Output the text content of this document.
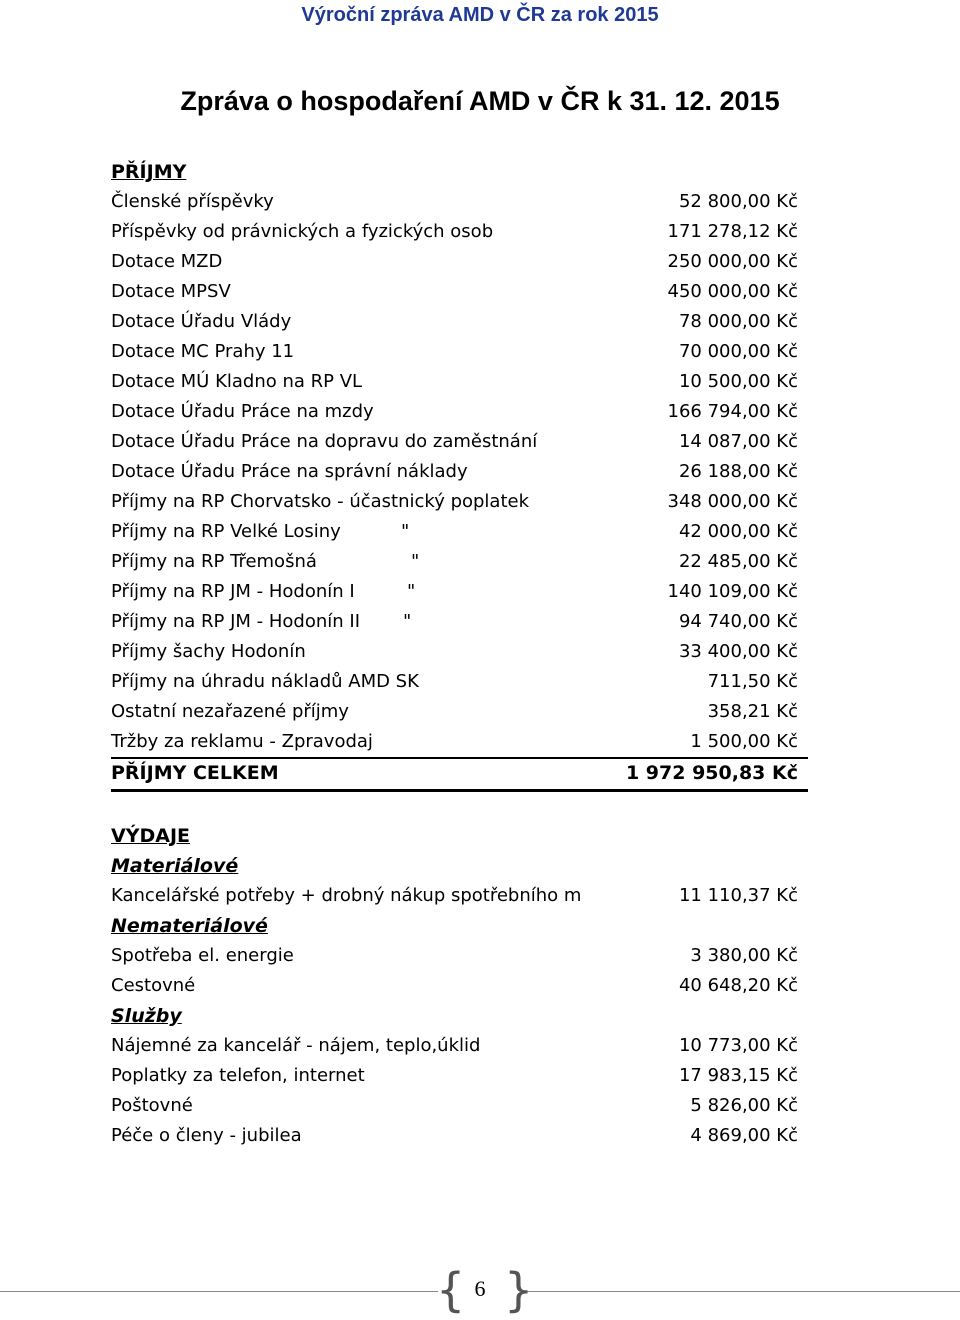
Výroční zpráva AMD v ČR za rok 2015
Zpráva o hospodaření AMD v ČR k 31. 12. 2015
PŘÍJMY
Členské příspěvky	52 800,00 Kč
Příspěvky od právnických a fyzických osob	171 278,12 Kč
Dotace MZD	250 000,00 Kč
Dotace MPSV	450 000,00 Kč
Dotace Úřadu Vlády	78 000,00 Kč
Dotace MC Prahy 11	70 000,00 Kč
Dotace MÚ Kladno na RP VL	10 500,00 Kč
Dotace Úřadu Práce na mzdy	166 794,00 Kč
Dotace Úřadu Práce na dopravu do zaměstnání	14 087,00 Kč
Dotace Úřadu Práce na správní náklady	26 188,00 Kč
Příjmy na RP Chorvatsko - účastnický poplatek	348 000,00 Kč
Příjmy na RP Velké Losiny	"	42 000,00 Kč
Příjmy na RP Třemošná	"	22 485,00 Kč
Příjmy na RP JM - Hodonín I	"	140 109,00 Kč
Příjmy na RP JM - Hodonín II "	94 740,00 Kč
Příjmy šachy Hodonín	33 400,00 Kč
Příjmy na úhradu nákladů AMD SK	711,50 Kč
Ostatní nezařazené příjmy	358,21 Kč
Tržby za reklamu - Zpravodaj	1 500,00 Kč
PŘÍJMY CELKEM	1 972 950,83 Kč
VÝDAJE
Materiálové
Kancelářské potřeby + drobný nákup spotřebního m	11 110,37 Kč
Nemateriálové
Spotřeba el. energie	3 380,00 Kč
Cestovné	40 648,20 Kč
Služby
Nájemné za kancelář - nájem, teplo,úklid	10 773,00 Kč
Poplatky za telefon, internet	17 983,15 Kč
Poštovné	5 826,00 Kč
Péče o členy - jubilea	4 869,00 Kč
{ }
6
